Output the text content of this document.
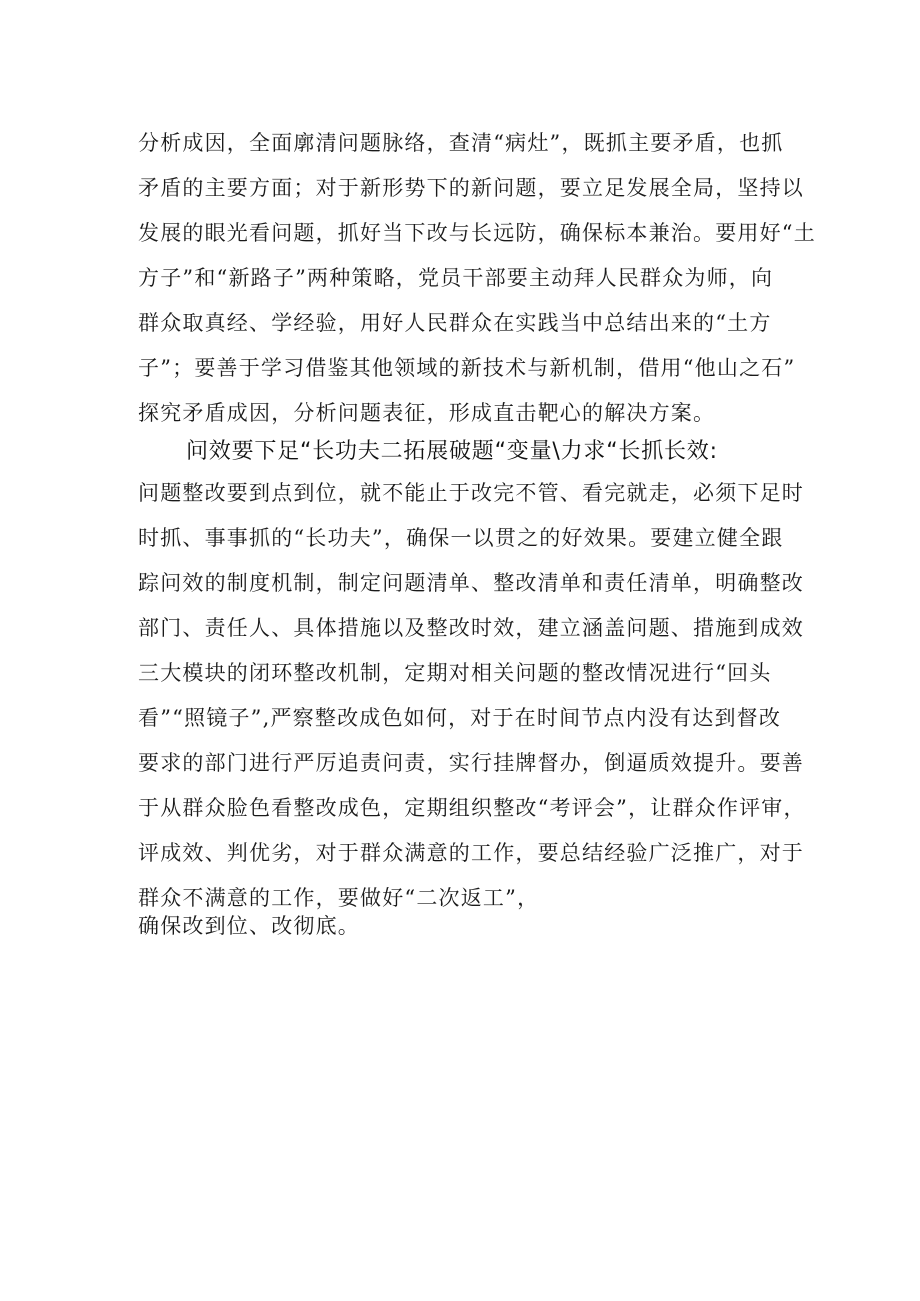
分析成因，全面廓清问题脉络，查清“病灶”，既抓主要矛盾，也抓
矛盾的主要方面；对于新形势下的新问题，要立足发展全局，坚持以
发展的眼光看问题，抓好当下改与长远防，确保标本兼治。要用好“土
方子”和“新路子”两种策略，党员干部要主动拜人民群众为师，向
群众取真经、学经验，用好人民群众在实践当中总结出来的“土方
子”；要善于学习借鉴其他领域的新技术与新机制，借用“他山之石”
探究矛盾成因，分析问题表征，形成直击靶心的解决方案。
问效要下足“长功夫二拓展破题“变量\力求“长抓长效:
问题整改要到点到位，就不能止于改完不管、看完就走，必须下足时
时抓、事事抓的“长功夫”，确保一以贯之的好效果。要建立健全跟
踪问效的制度机制，制定问题清单、整改清单和责任清单，明确整改
部门、责任人、具体措施以及整改时效，建立涵盖问题、措施到成效
三大模块的闭环整改机制，定期对相关问题的整改情况进行“回头
看”“照镜子”,严察整改成色如何，对于在时间节点内没有达到督改
要求的部门进行严厉追责问责，实行挂牌督办，倒逼质效提升。要善
于从群众脸色看整改成色，定期组织整改“考评会”，让群众作评审，
评成效、判优劣，对于群众满意的工作，要总结经验广泛推广，对于
群众不满意的工作，要做好“二次返工”，
确保改到位、改彻底。
